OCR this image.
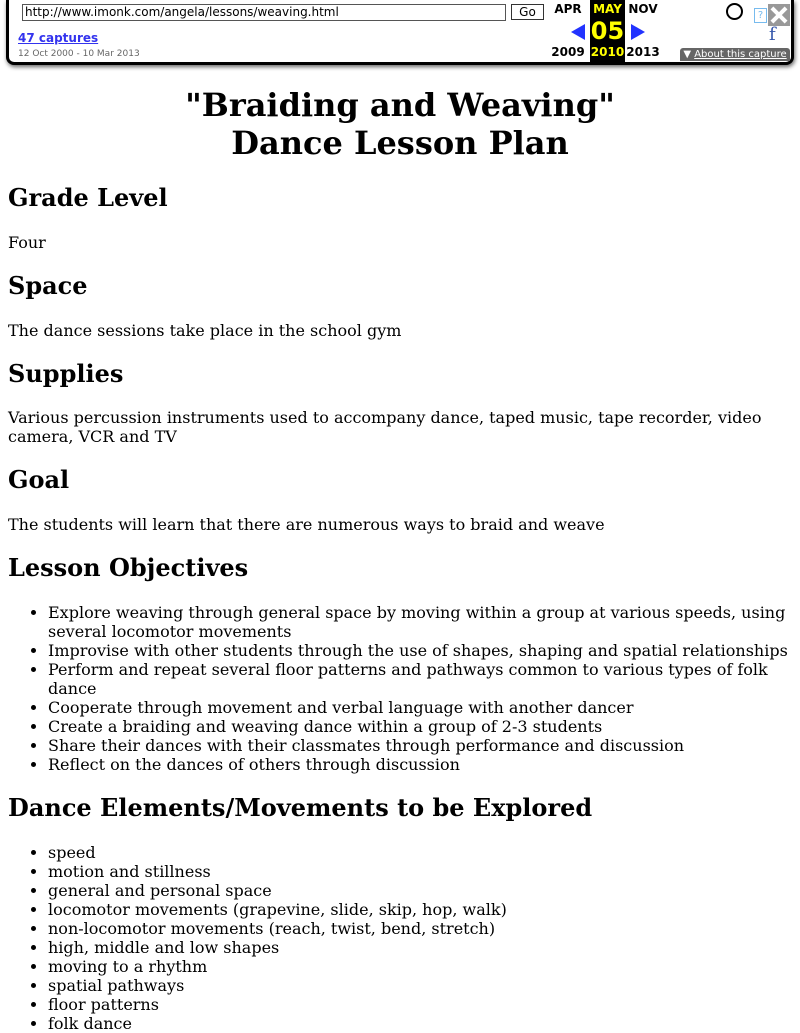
http://www.imonk.com/angela/lessons/weaving.html
Go
47 captures
12 Oct 2000 - 10 Mar 2013
APR
2009
MAY
05
2010
NOV
2013
?
f
▼ About this capture
"Braiding and Weaving"
Dance Lesson Plan
Grade Level

Four

Space

The dance sessions take place in the school gym

Supplies

Various percussion instruments used to accompany dance, taped music, tape recorder, video camera, VCR and TV

Goal

The students will learn that there are numerous ways to braid and weave

Lesson Objectives
• Explore weaving through general space by moving within a group at various speeds, using several locomotor movements
• Improvise with other students through the use of shapes, shaping and spatial relationships
• Perform and repeat several floor patterns and pathways common to various types of folk dance
• Cooperate through movement and verbal language with another dancer
• Create a braiding and weaving dance within a group of 2-3 students
• Share their dances with their classmates through performance and discussion
• Reflect on the dances of others through discussion
Dance Elements/Movements to be Explored
• speed
• motion and stillness
• general and personal space
• locomotor movements (grapevine, slide, skip, hop, walk)
• non-locomotor movements (reach, twist, bend, stretch)
• high, middle and low shapes
• moving to a rhythm
• spatial pathways
• floor patterns
• folk dance
